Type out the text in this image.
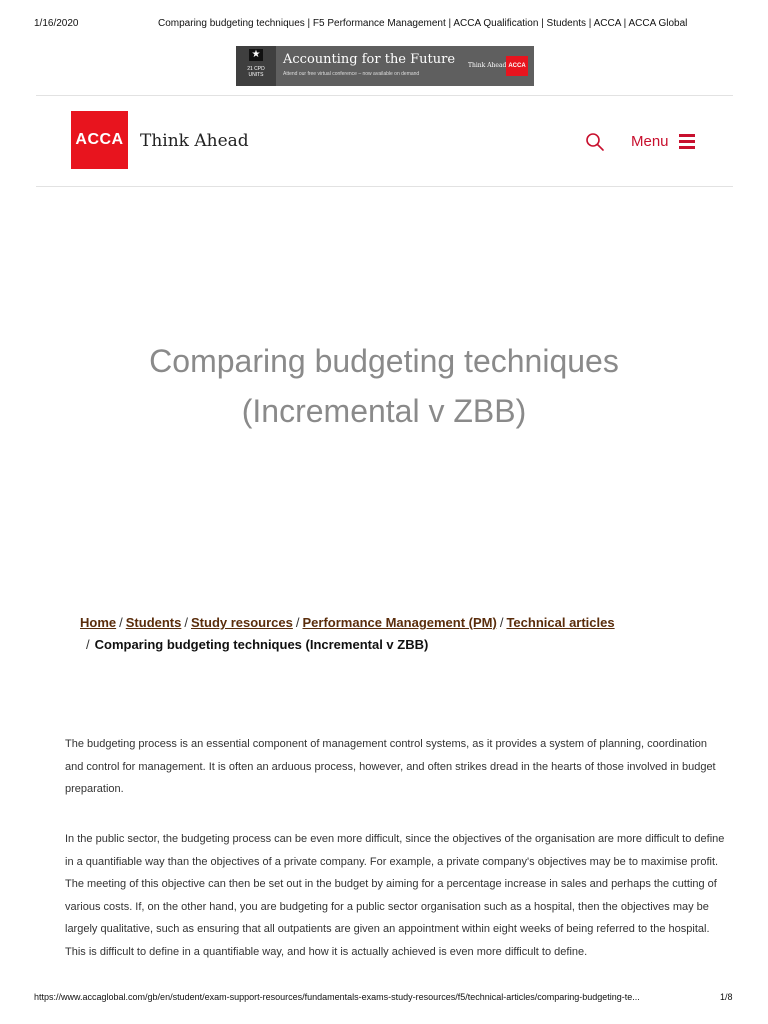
1/16/2020	Comparing budgeting techniques | F5 Performance Management | ACCA Qualification | Students | ACCA | ACCA Global
★
21 CPD
UNITS
Accounting for the Future
Attend our free virtual conference – now available on demand
Think Ahead ACCA
ACCA Think Ahead	Menu
Comparing budgeting techniques
(Incremental v ZBB)
Home / Students / Study resources / Performance Management (PM) / Technical articles
/ Comparing budgeting techniques (Incremental v ZBB)

The budgeting process is an essential component of management control systems, as it provides a system of planning, coordination and control for management. It is often an arduous process, however, and often strikes dread in the hearts of those involved in budget preparation.

In the public sector, the budgeting process can be even more difficult, since the objectives of the organisation are more difficult to define in a quantifiable way than the objectives of a private company. For example, a private company's objectives may be to maximise profit. The meeting of this objective can then be set out in the budget by aiming for a percentage increase in sales and perhaps the cutting of various costs. If, on the other hand, you are budgeting for a public sector organisation such as a hospital, then the objectives may be largely qualitative, such as ensuring that all outpatients are given an appointment within eight weeks of being referred to the hospital. This is difficult to define in a quantifiable way, and how it is actually achieved is even more difficult to define.

https://www.accaglobal.com/gb/en/student/exam-support-resources/fundamentals-exams-study-resources/f5/technical-articles/comparing-budgeting-te...	1/8
